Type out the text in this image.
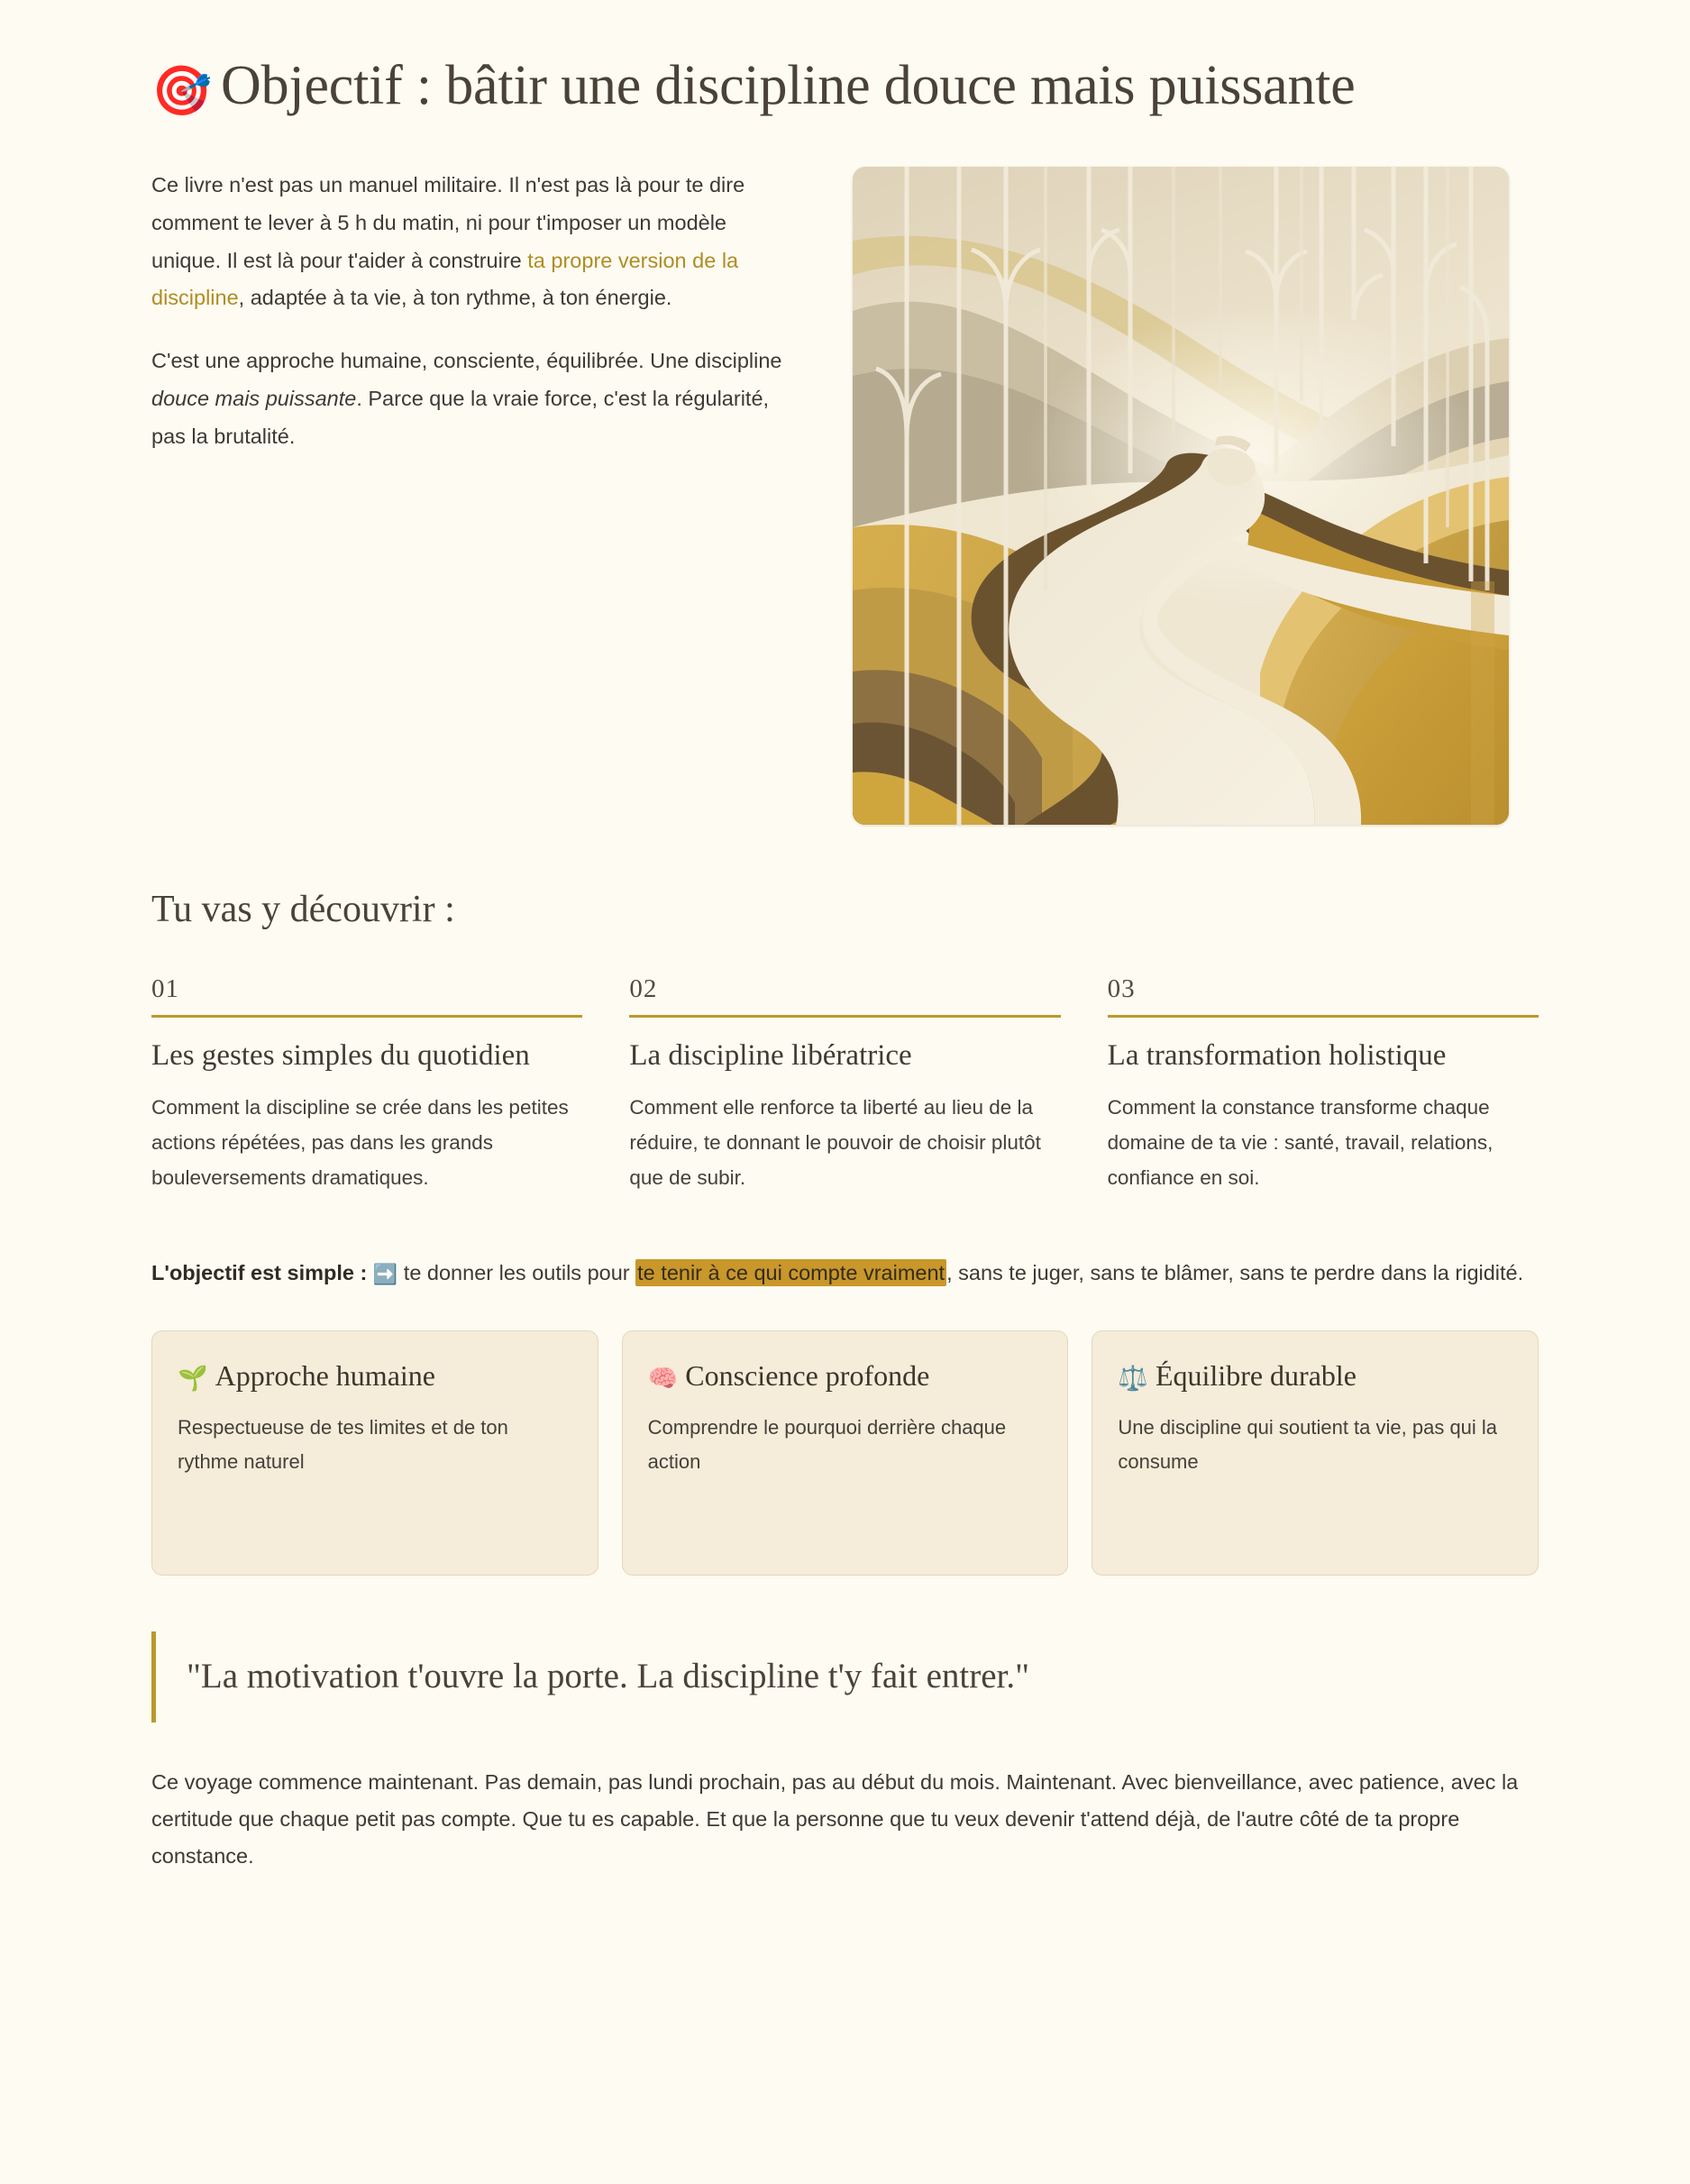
🎯 Objectif : bâtir une discipline douce mais puissante

Ce livre n'est pas un manuel militaire. Il n'est pas là pour te dire comment te lever à 5 h du matin, ni pour t'imposer un modèle unique. Il est là pour t'aider à construire ta propre version de la discipline, adaptée à ta vie, à ton rythme, à ton énergie.

C'est une approche humaine, consciente, équilibrée. Une discipline douce mais puissante. Parce que la vraie force, c'est la régularité, pas la brutalité.

Tu vas y découvrir :
01
Les gestes simples du quotidien

Comment la discipline se crée dans les petites actions répétées, pas dans les grands bouleversements dramatiques.

02
La discipline libératrice

Comment elle renforce ta liberté au lieu de la réduire, te donnant le pouvoir de choisir plutôt que de subir.

03
La transformation holistique

Comment la constance transforme chaque domaine de ta vie : santé, travail, relations, confiance en soi.

L'objectif est simple : ➡️ te donner les outils pour te tenir à ce qui compte vraiment, sans te juger, sans te blâmer, sans te perdre dans la rigidité.

🌱 Approche humaine

Respectueuse de tes limites et de ton rythme naturel

🧠 Conscience profonde

Comprendre le pourquoi derrière chaque action

⚖️ Équilibre durable

Une discipline qui soutient ta vie, pas qui la consume

"La motivation t'ouvre la porte. La discipline t'y fait entrer."

Ce voyage commence maintenant. Pas demain, pas lundi prochain, pas au début du mois. Maintenant. Avec bienveillance, avec patience, avec la certitude que chaque petit pas compte. Que tu es capable. Et que la personne que tu veux devenir t'attend déjà, de l'autre côté de ta propre constance.
